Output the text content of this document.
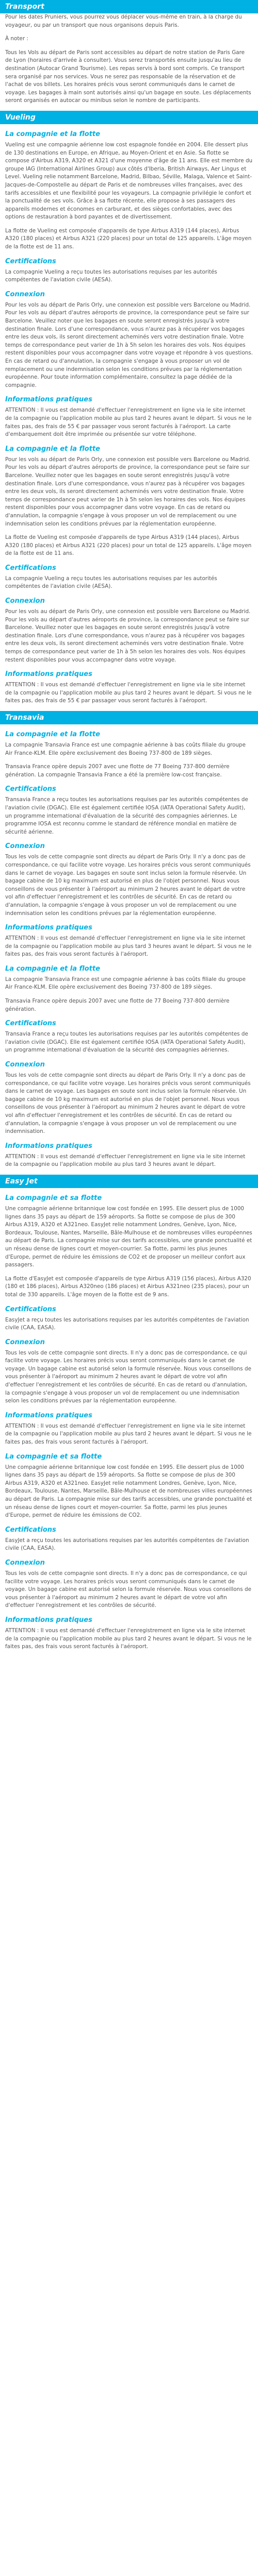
Transport
Pour les dates Pruniers, vous pourrez vous déplacer vous-même en train, à la charge du voyageur, ou par un transport que nous organisons depuis Paris.
À noter :
Tous les Vols au départ de Paris sont accessibles au départ de notre station de Paris Gare de Lyon (horaires d'arrivée à consulter). Vous serez transportés ensuite jusqu'au lieu de destination (Autocar Grand Tourisme). Les repas servis à bord sont compris. Ce transport sera organisé par nos services. Vous ne serez pas responsable de la réservation et de l'achat de vos billets. Les horaires précis vous seront communiqués dans le carnet de voyage. Les bagages à main sont autorisés ainsi qu'un bagage en soute. Les déplacements seront organisés en autocar ou minibus selon le nombre de participants.
Vueling
La compagnie et la flotte
Vueling est une compagnie aérienne low cost espagnole fondée en 2004. Elle dessert plus de 130 destinations en Europe, en Afrique, au Moyen-Orient et en Asie. Sa flotte se compose d'Airbus A319, A320 et A321 d'une moyenne d'âge de 11 ans. Elle est membre du groupe IAG (International Airlines Group) aux côtés d'Iberia, British Airways, Aer Lingus et Level. Vueling relie notamment Barcelone, Madrid, Bilbao, Séville, Malaga, Valence et Saint-Jacques-de-Compostelle au départ de Paris et de nombreuses villes françaises, avec des tarifs accessibles et une flexibilité pour les voyageurs. La compagnie privilégie le confort et la ponctualité de ses vols. Grâce à sa flotte récente, elle propose à ses passagers des appareils modernes et économes en carburant, et des sièges confortables, avec des options de restauration à bord payantes et de divertissement.
La flotte de Vueling est composée d'appareils de type Airbus A319 (144 places), Airbus A320 (180 places) et Airbus A321 (220 places) pour un total de 125 appareils. L'âge moyen de la flotte est de 11 ans.
Certifications
La compagnie Vueling a reçu toutes les autorisations requises par les autorités compétentes de l'aviation civile (AESA).
Connexion
Pour les vols au départ de Paris Orly, une connexion est possible vers Barcelone ou Madrid. Pour les vols au départ d'autres aéroports de province, la correspondance peut se faire sur Barcelone. Veuillez noter que les bagages en soute seront enregistrés jusqu'à votre destination finale. Lors d'une correspondance, vous n'aurez pas à récupérer vos bagages entre les deux vols, ils seront directement acheminés vers votre destination finale. Votre temps de correspondance peut varier de 1h à 5h selon les horaires des vols. Nos équipes restent disponibles pour vous accompagner dans votre voyage et répondre à vos questions. En cas de retard ou d'annulation, la compagnie s'engage à vous proposer un vol de remplacement ou une indemnisation selon les conditions prévues par la réglementation européenne. Pour toute information complémentaire, consultez la page dédiée de la compagnie.
Informations pratiques
ATTENTION : Il vous est demandé d'effectuer l'enregistrement en ligne via le site internet de la compagnie ou l'application mobile au plus tard 2 heures avant le départ. Si vous ne le faites pas, des frais de 55 € par passager vous seront facturés à l'aéroport. La carte d'embarquement doit être imprimée ou présentée sur votre téléphone.
La compagnie et la flotte
Pour les vols au départ de Paris Orly, une connexion est possible vers Barcelone ou Madrid. Pour les vols au départ d'autres aéroports de province, la correspondance peut se faire sur Barcelone. Veuillez noter que les bagages en soute seront enregistrés jusqu'à votre destination finale. Lors d'une correspondance, vous n'aurez pas à récupérer vos bagages entre les deux vols, ils seront directement acheminés vers votre destination finale. Votre temps de correspondance peut varier de 1h à 5h selon les horaires des vols. Nos équipes restent disponibles pour vous accompagner dans votre voyage. En cas de retard ou d'annulation, la compagnie s'engage à vous proposer un vol de remplacement ou une indemnisation selon les conditions prévues par la réglementation européenne.
La flotte de Vueling est composée d'appareils de type Airbus A319 (144 places), Airbus A320 (180 places) et Airbus A321 (220 places) pour un total de 125 appareils. L'âge moyen de la flotte est de 11 ans.
Certifications
La compagnie Vueling a reçu toutes les autorisations requises par les autorités compétentes de l'aviation civile (AESA).
Connexion
Pour les vols au départ de Paris Orly, une connexion est possible vers Barcelone ou Madrid. Pour les vols au départ d'autres aéroports de province, la correspondance peut se faire sur Barcelone. Veuillez noter que les bagages en soute seront enregistrés jusqu'à votre destination finale. Lors d'une correspondance, vous n'aurez pas à récupérer vos bagages entre les deux vols, ils seront directement acheminés vers votre destination finale. Votre temps de correspondance peut varier de 1h à 5h selon les horaires des vols. Nos équipes restent disponibles pour vous accompagner dans votre voyage.
Informations pratiques
ATTENTION : Il vous est demandé d'effectuer l'enregistrement en ligne via le site internet de la compagnie ou l'application mobile au plus tard 2 heures avant le départ. Si vous ne le faites pas, des frais de 55 € par passager vous seront facturés à l'aéroport.
Transavia
La compagnie et la flotte
La compagnie Transavia France est une compagnie aérienne à bas coûts filiale du groupe Air France-KLM. Elle opère exclusivement des Boeing 737-800 de 189 sièges.
Transavia France opère depuis 2007 avec une flotte de 77 Boeing 737-800 dernière génération. La compagnie Transavia France a été la première low-cost française.
Certifications
Transavia France a reçu toutes les autorisations requises par les autorités compétentes de l'aviation civile (DGAC). Elle est également certifiée IOSA (IATA Operational Safety Audit), un programme international d'évaluation de la sécurité des compagnies aériennes. Le programme IOSA est reconnu comme le standard de référence mondial en matière de sécurité aérienne.
Connexion
Tous les vols de cette compagnie sont directs au départ de Paris Orly. Il n'y a donc pas de correspondance, ce qui facilite votre voyage. Les horaires précis vous seront communiqués dans le carnet de voyage. Les bagages en soute sont inclus selon la formule réservée. Un bagage cabine de 10 kg maximum est autorisé en plus de l'objet personnel. Nous vous conseillons de vous présenter à l'aéroport au minimum 2 heures avant le départ de votre vol afin d'effectuer l'enregistrement et les contrôles de sécurité. En cas de retard ou d'annulation, la compagnie s'engage à vous proposer un vol de remplacement ou une indemnisation selon les conditions prévues par la réglementation européenne.
Informations pratiques
ATTENTION : Il vous est demandé d'effectuer l'enregistrement en ligne via le site internet de la compagnie ou l'application mobile au plus tard 3 heures avant le départ. Si vous ne le faites pas, des frais vous seront facturés à l'aéroport.
La compagnie et la flotte
La compagnie Transavia France est une compagnie aérienne à bas coûts filiale du groupe Air France-KLM. Elle opère exclusivement des Boeing 737-800 de 189 sièges.
Transavia France opère depuis 2007 avec une flotte de 77 Boeing 737-800 dernière génération.
Certifications
Transavia France a reçu toutes les autorisations requises par les autorités compétentes de l'aviation civile (DGAC). Elle est également certifiée IOSA (IATA Operational Safety Audit), un programme international d'évaluation de la sécurité des compagnies aériennes.
Connexion
Tous les vols de cette compagnie sont directs au départ de Paris Orly. Il n'y a donc pas de correspondance, ce qui facilite votre voyage. Les horaires précis vous seront communiqués dans le carnet de voyage. Les bagages en soute sont inclus selon la formule réservée. Un bagage cabine de 10 kg maximum est autorisé en plus de l'objet personnel. Nous vous conseillons de vous présenter à l'aéroport au minimum 2 heures avant le départ de votre vol afin d'effectuer l'enregistrement et les contrôles de sécurité. En cas de retard ou d'annulation, la compagnie s'engage à vous proposer un vol de remplacement ou une indemnisation.
Informations pratiques
ATTENTION : Il vous est demandé d'effectuer l'enregistrement en ligne via le site internet de la compagnie ou l'application mobile au plus tard 3 heures avant le départ.
Easy Jet
La compagnie et sa flotte
Une compagnie aérienne britannique low cost fondée en 1995. Elle dessert plus de 1000 lignes dans 35 pays au départ de 159 aéroports. Sa flotte se compose de plus de 300 Airbus A319, A320 et A321neo. EasyJet relie notamment Londres, Genève, Lyon, Nice, Bordeaux, Toulouse, Nantes, Marseille, Bâle-Mulhouse et de nombreuses villes européennes au départ de Paris. La compagnie mise sur des tarifs accessibles, une grande ponctualité et un réseau dense de lignes court et moyen-courrier. Sa flotte, parmi les plus jeunes d'Europe, permet de réduire les émissions de CO2 et de proposer un meilleur confort aux passagers.
La flotte d'EasyJet est composée d'appareils de type Airbus A319 (156 places), Airbus A320 (180 et 186 places), Airbus A320neo (186 places) et Airbus A321neo (235 places), pour un total de 330 appareils. L'âge moyen de la flotte est de 9 ans.
Certifications
EasyJet a reçu toutes les autorisations requises par les autorités compétentes de l'aviation civile (CAA, EASA).
Connexion
Tous les vols de cette compagnie sont directs. Il n'y a donc pas de correspondance, ce qui facilite votre voyage. Les horaires précis vous seront communiqués dans le carnet de voyage. Un bagage cabine est autorisé selon la formule réservée. Nous vous conseillons de vous présenter à l'aéroport au minimum 2 heures avant le départ de votre vol afin d'effectuer l'enregistrement et les contrôles de sécurité. En cas de retard ou d'annulation, la compagnie s'engage à vous proposer un vol de remplacement ou une indemnisation selon les conditions prévues par la réglementation européenne.
Informations pratiques
ATTENTION : Il vous est demandé d'effectuer l'enregistrement en ligne via le site internet de la compagnie ou l'application mobile au plus tard 2 heures avant le départ. Si vous ne le faites pas, des frais vous seront facturés à l'aéroport.
La compagnie et sa flotte
Une compagnie aérienne britannique low cost fondée en 1995. Elle dessert plus de 1000 lignes dans 35 pays au départ de 159 aéroports. Sa flotte se compose de plus de 300 Airbus A319, A320 et A321neo. EasyJet relie notamment Londres, Genève, Lyon, Nice, Bordeaux, Toulouse, Nantes, Marseille, Bâle-Mulhouse et de nombreuses villes européennes au départ de Paris. La compagnie mise sur des tarifs accessibles, une grande ponctualité et un réseau dense de lignes court et moyen-courrier. Sa flotte, parmi les plus jeunes d'Europe, permet de réduire les émissions de CO2.
Certifications
EasyJet a reçu toutes les autorisations requises par les autorités compétentes de l'aviation civile (CAA, EASA).
Connexion
Tous les vols de cette compagnie sont directs. Il n'y a donc pas de correspondance, ce qui facilite votre voyage. Les horaires précis vous seront communiqués dans le carnet de voyage. Un bagage cabine est autorisé selon la formule réservée. Nous vous conseillons de vous présenter à l'aéroport au minimum 2 heures avant le départ de votre vol afin d'effectuer l'enregistrement et les contrôles de sécurité.
Informations pratiques
ATTENTION : Il vous est demandé d'effectuer l'enregistrement en ligne via le site internet de la compagnie ou l'application mobile au plus tard 2 heures avant le départ. Si vous ne le faites pas, des frais vous seront facturés à l'aéroport.
